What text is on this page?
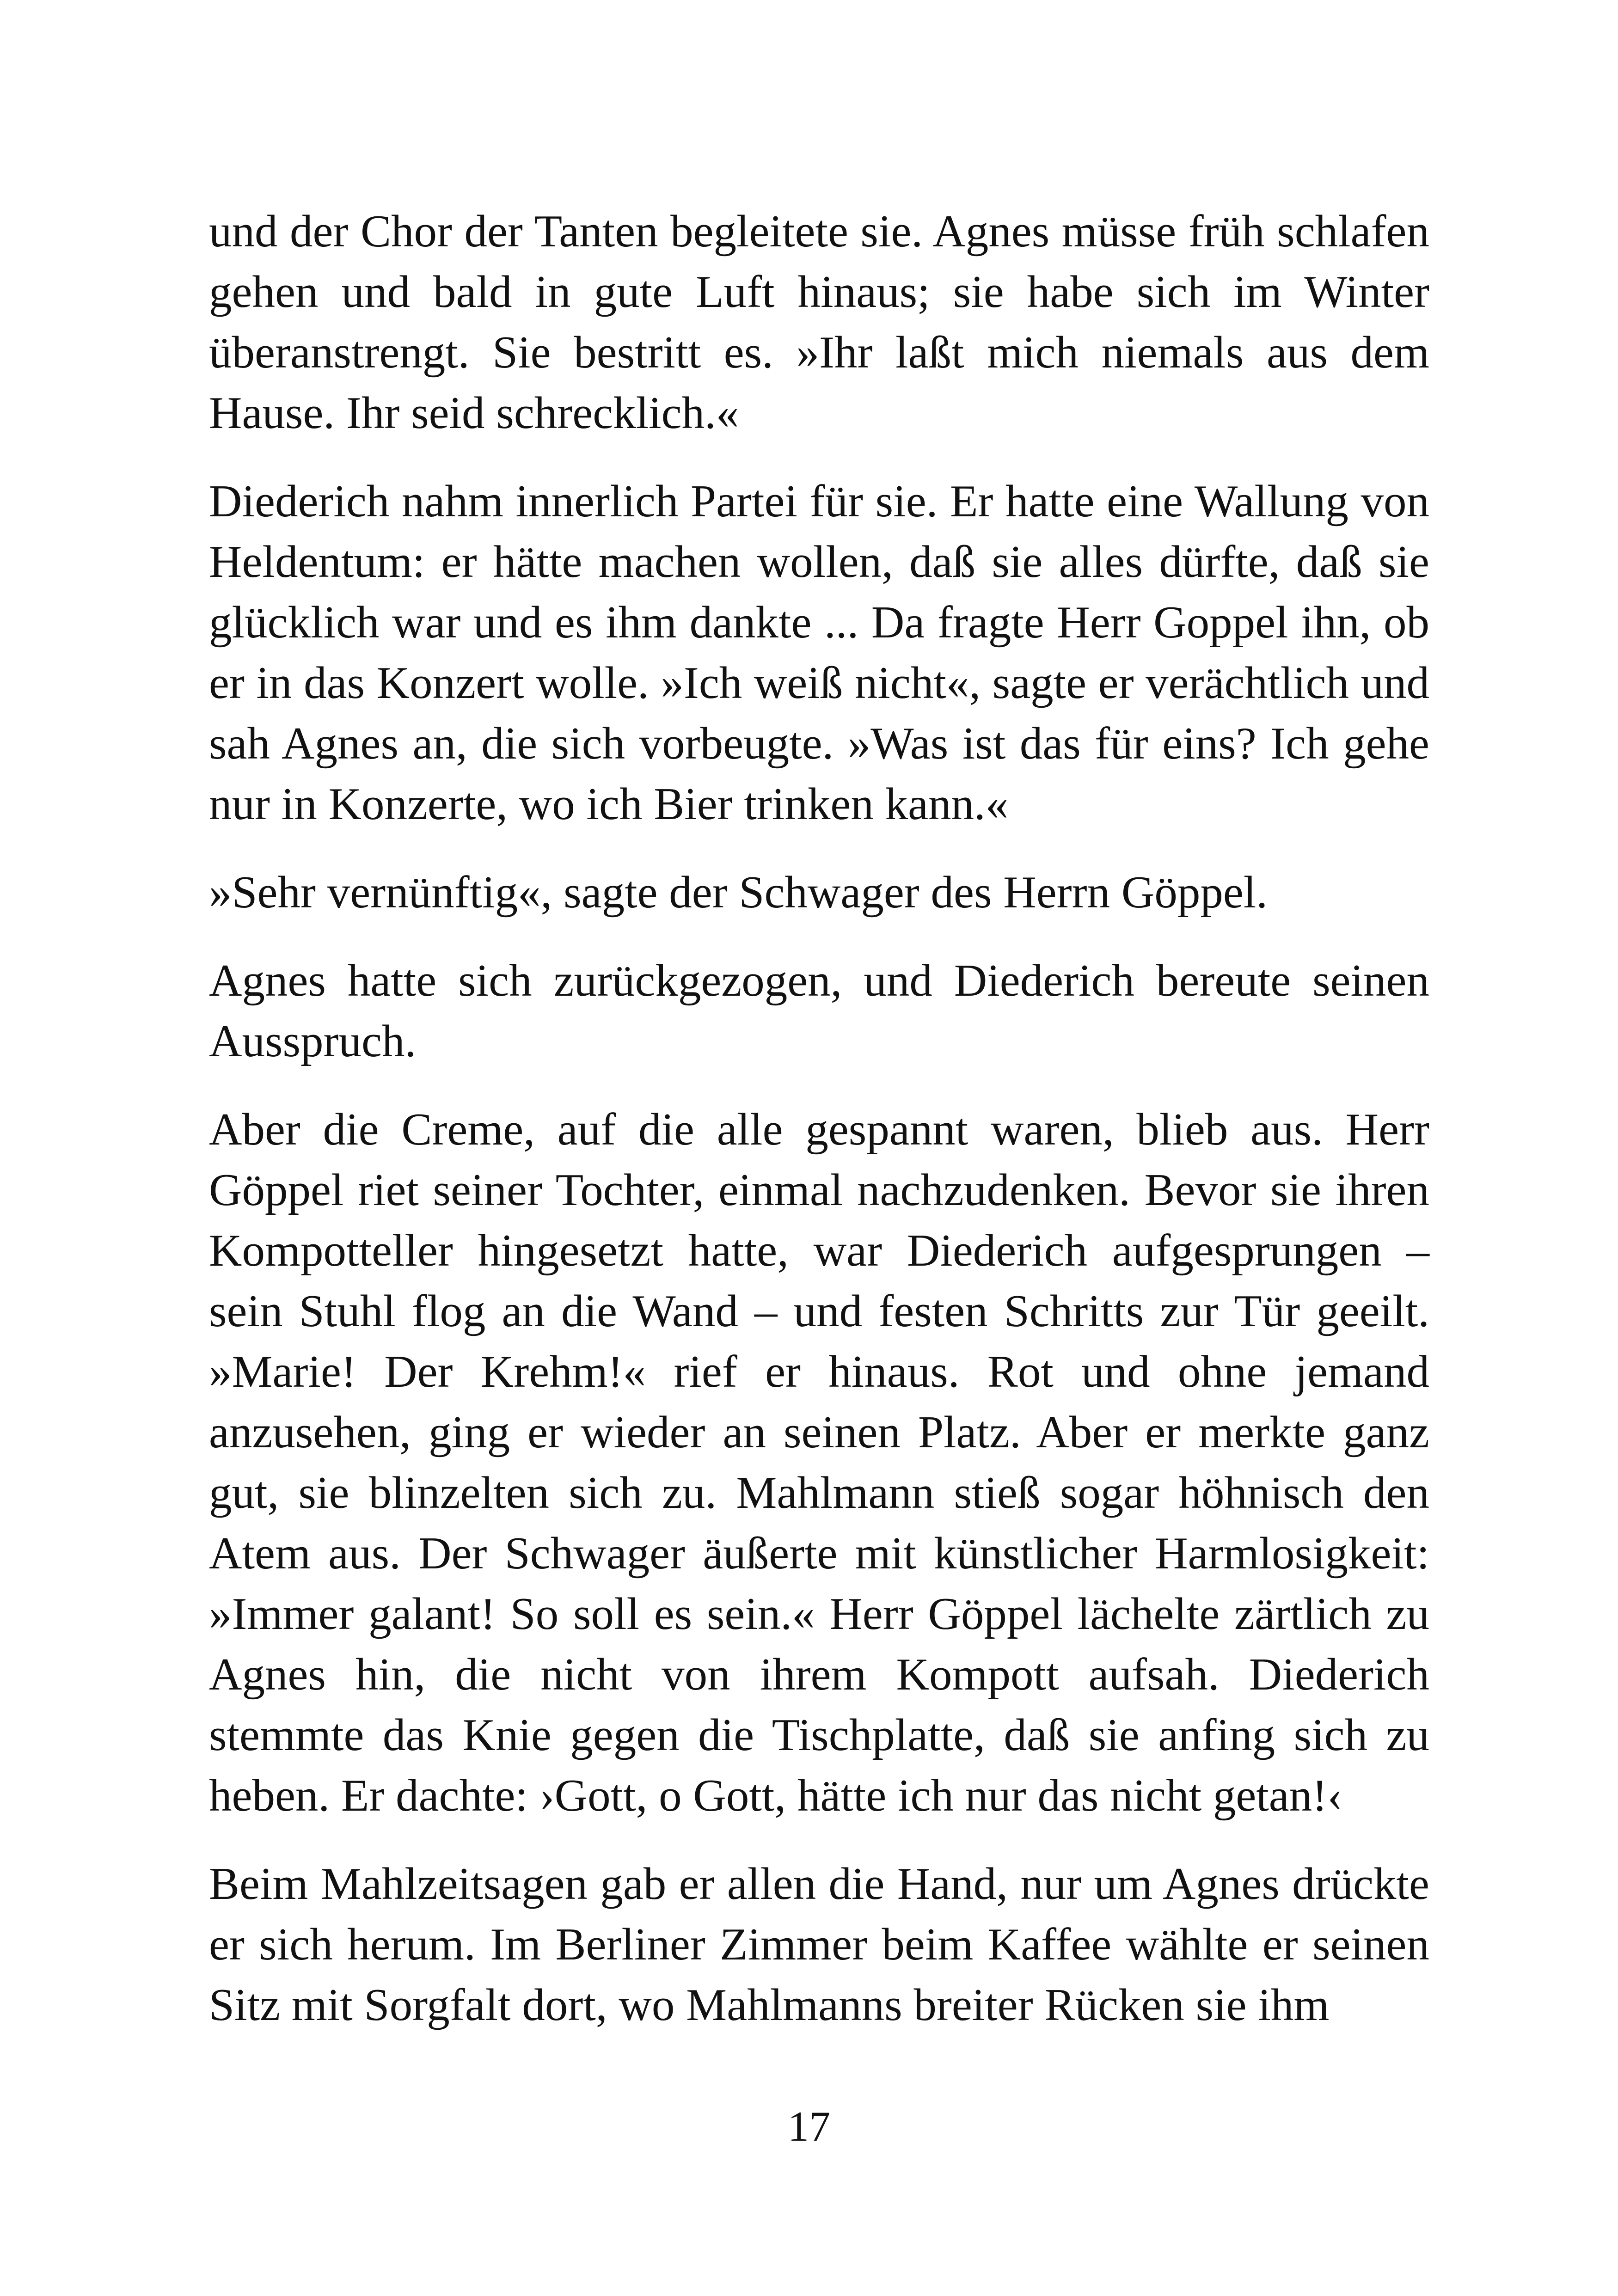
und der Chor der Tanten begleitete sie. Agnes müsse früh schlafen gehen und bald in gute Luft hinaus; sie habe sich im Winter überanstrengt. Sie bestritt es. »Ihr laßt mich niemals aus dem Hause. Ihr seid schrecklich.«

Diederich nahm innerlich Partei für sie. Er hatte eine Wallung von Heldentum: er hätte machen wollen, daß sie alles dürfte, daß sie glücklich war und es ihm dankte ... Da fragte Herr Goppel ihn, ob er in das Konzert wolle. »Ich weiß nicht«, sagte er verächtlich und sah Agnes an, die sich vorbeugte. »Was ist das für eins? Ich gehe nur in Konzerte, wo ich Bier trinken kann.«

»Sehr vernünftig«, sagte der Schwager des Herrn Göppel.

Agnes hatte sich zurückgezogen, und Diederich bereute seinen Ausspruch.

Aber die Creme, auf die alle gespannt waren, blieb aus. Herr Göppel riet seiner Tochter, einmal nachzudenken. Bevor sie ihren Kompotteller hingesetzt hatte, war Diederich aufgesprungen – sein Stuhl flog an die Wand – und festen Schritts zur Tür geeilt. »Marie! Der Krehm!« rief er hinaus. Rot und ohne jemand anzusehen, ging er wieder an seinen Platz. Aber er merkte ganz gut, sie blinzelten sich zu. Mahlmann stieß sogar höhnisch den Atem aus. Der Schwager äußerte mit künstlicher Harmlosigkeit: »Immer galant! So soll es sein.« Herr Göppel lächelte zärtlich zu Agnes hin, die nicht von ihrem Kompott aufsah. Diederich stemmte das Knie gegen die Tischplatte, daß sie anfing sich zu heben. Er dachte: ›Gott, o Gott, hätte ich nur das nicht getan!‹

Beim Mahlzeitsagen gab er allen die Hand, nur um Agnes drückte er sich herum. Im Berliner Zimmer beim Kaffee wählte er seinen Sitz mit Sorgfalt dort, wo Mahlmanns breiter Rücken sie ihm

17
